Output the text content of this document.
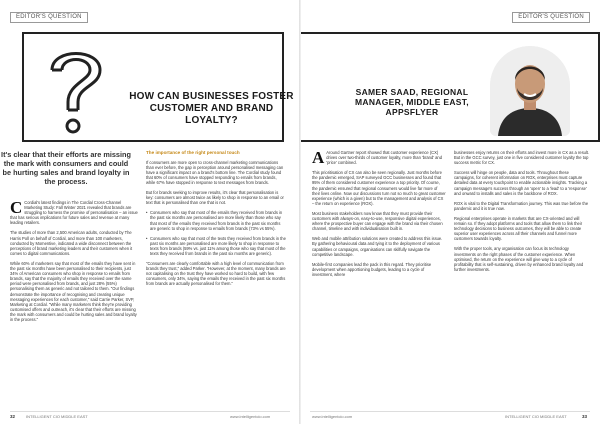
EDITOR'S QUESTION
HOW CAN BUSINESSES FOSTER CUSTOMER AND BRAND LOYALTY?
It's clear that their efforts are missing the mark with consumers and could be hurting sales and brand loyalty in the process.

C Cordial's latest findings in The Cordial Cross-Channel Marketing Study: Fall Winter 2021 revealed that brands are struggling to harness the promise of personalisation – an issue that has serious implications for future sales and revenue at many leading retailers.

The studies of more than 2,500 American adults, conducted by The Harris Poll on behalf of Cordial, and more than 100 marketers, conducted by Momentive, indicated a wide disconnect between the perceptions of brand marketing leaders and their customers when it comes to digital communications.

While 60% of marketers say that most of the emails they have sent in the past six months have been personalised to their recipients, just 34% of American consumers who shop in response to emails from brands, say that the majority of emails they received over the same period were personalised from brands, and just 28% (55%) personalising them as generic and not tailored to them. "Our findings demonstrate the importance of recognising and creating unique messaging experiences for each customer," said Carrie Parker, SVP, Marketing at Cordial. "While many marketers think they're providing customised offers and outreach, it's clear that their efforts are missing the mark with consumers and could be hurting sales and brand loyalty in the process."

The importance of the right personal touch

If consumers are more open to cross-channel marketing communications than ever before, the gap in perception around personalised messaging can have a significant impact on a brand's bottom line. The Cordial study found that 60% of consumers have stopped responding to emails from brands, while 67% have stopped in response to text messages from brands.

But for brands seeking to improve results, it's clear that personalisation is key: consumers are almost twice as likely to shop in response to an email or text that is personalised than one that is not.

• Consumers who say that most of the emails they received from brands in the past six months are personalised are more likely than those who say that most of the emails they received from brands in the past six months are generic to shop in response to emails from brands (73% vs 55%).

• Consumers who say that most of the texts they received from brands in the past six months are personalised are more likely to shop in response to texts from brands (59% vs. just 11% among those who say that most of the texts they received from brands in the past six months are generic).

"Consumers are clearly comfortable with a high level of communication from brands they trust," added Parker. "However, at the moment, many brands are not capitalising on the trust they have worked so hard to build, with few consumers, only 34%, saying the emails they received in the past six months from brands are actually personalised for them."

32	INTELLIGENT CIO MIDDLE EAST	www.intelligentcio.com
EDITOR'S QUESTION
SAMER SAAD, REGIONAL MANAGER, MIDDLE EAST, APPSFLYER

A Around Gartner report showed that customer experience (CX) drives over two-thirds of customer loyalty, more than 'brand' and 'price' combined.

This prioritisation of CX can also be seen regionally. Just months before the pandemic emerged, SAP surveyed GCC businesses and found that 95% of them considered customer experience a top priority. Of course, the pandemic ensured that regional consumers would live far more of their lives online. Now our discussions turn not so much to great customer experience (which is a given) but to the management and analysis of CX – the return on experience (ROX).

Most business stakeholders now know that they must provide their customers with always-on, easy-to-use, responsive digital experiences, where the prospective buyer can engage with the brand via their chosen channel, timeline and with individualisation built in.

Web and mobile attribution solutions were created to address this issue. By gathering behavioural data and tying it to the deployment of various capabilities or campaigns, organisations can skilfully navigate the competitive landscape.

Mobile-first companies lead the pack in this regard. They prioritise development when apportioning budgets, leading to a cycle of investment, where

businesses enjoy returns on their efforts and invest more in CX as a result. But in the GCC survey, just one in five considered customer loyalty the top success metric for CX.

Success will hinge on people, data and tools. Throughout these campaigns, for coherent information on ROX, enterprises must capture detailed data at every touchpoint to enable actionable insights. Tracking a campaign message's success through an 'open' to a 'lead' to a 'response' and onward to installs and sales is the backbone of ROX.

ROX is vital to the Digital Transformation journey. This was true before the pandemic and it is true now.

Regional enterprises operate in markets that are CX-oriented and will remain so. If they adopt platforms and tools that allow them to link their technology decisions to business outcomes, they will be able to create superior user experiences across all their channels and funnel more customers towards loyalty.

With the proper tools, any organisation can focus its technology investments on the right phases of the customer experience. When optimised, the return on the experience will give way to a cycle of profitability that is self-sustaining, driven by enhanced brand loyalty and further investments.

www.intelligentcio.com	INTELLIGENT CIO MIDDLE EAST	33
